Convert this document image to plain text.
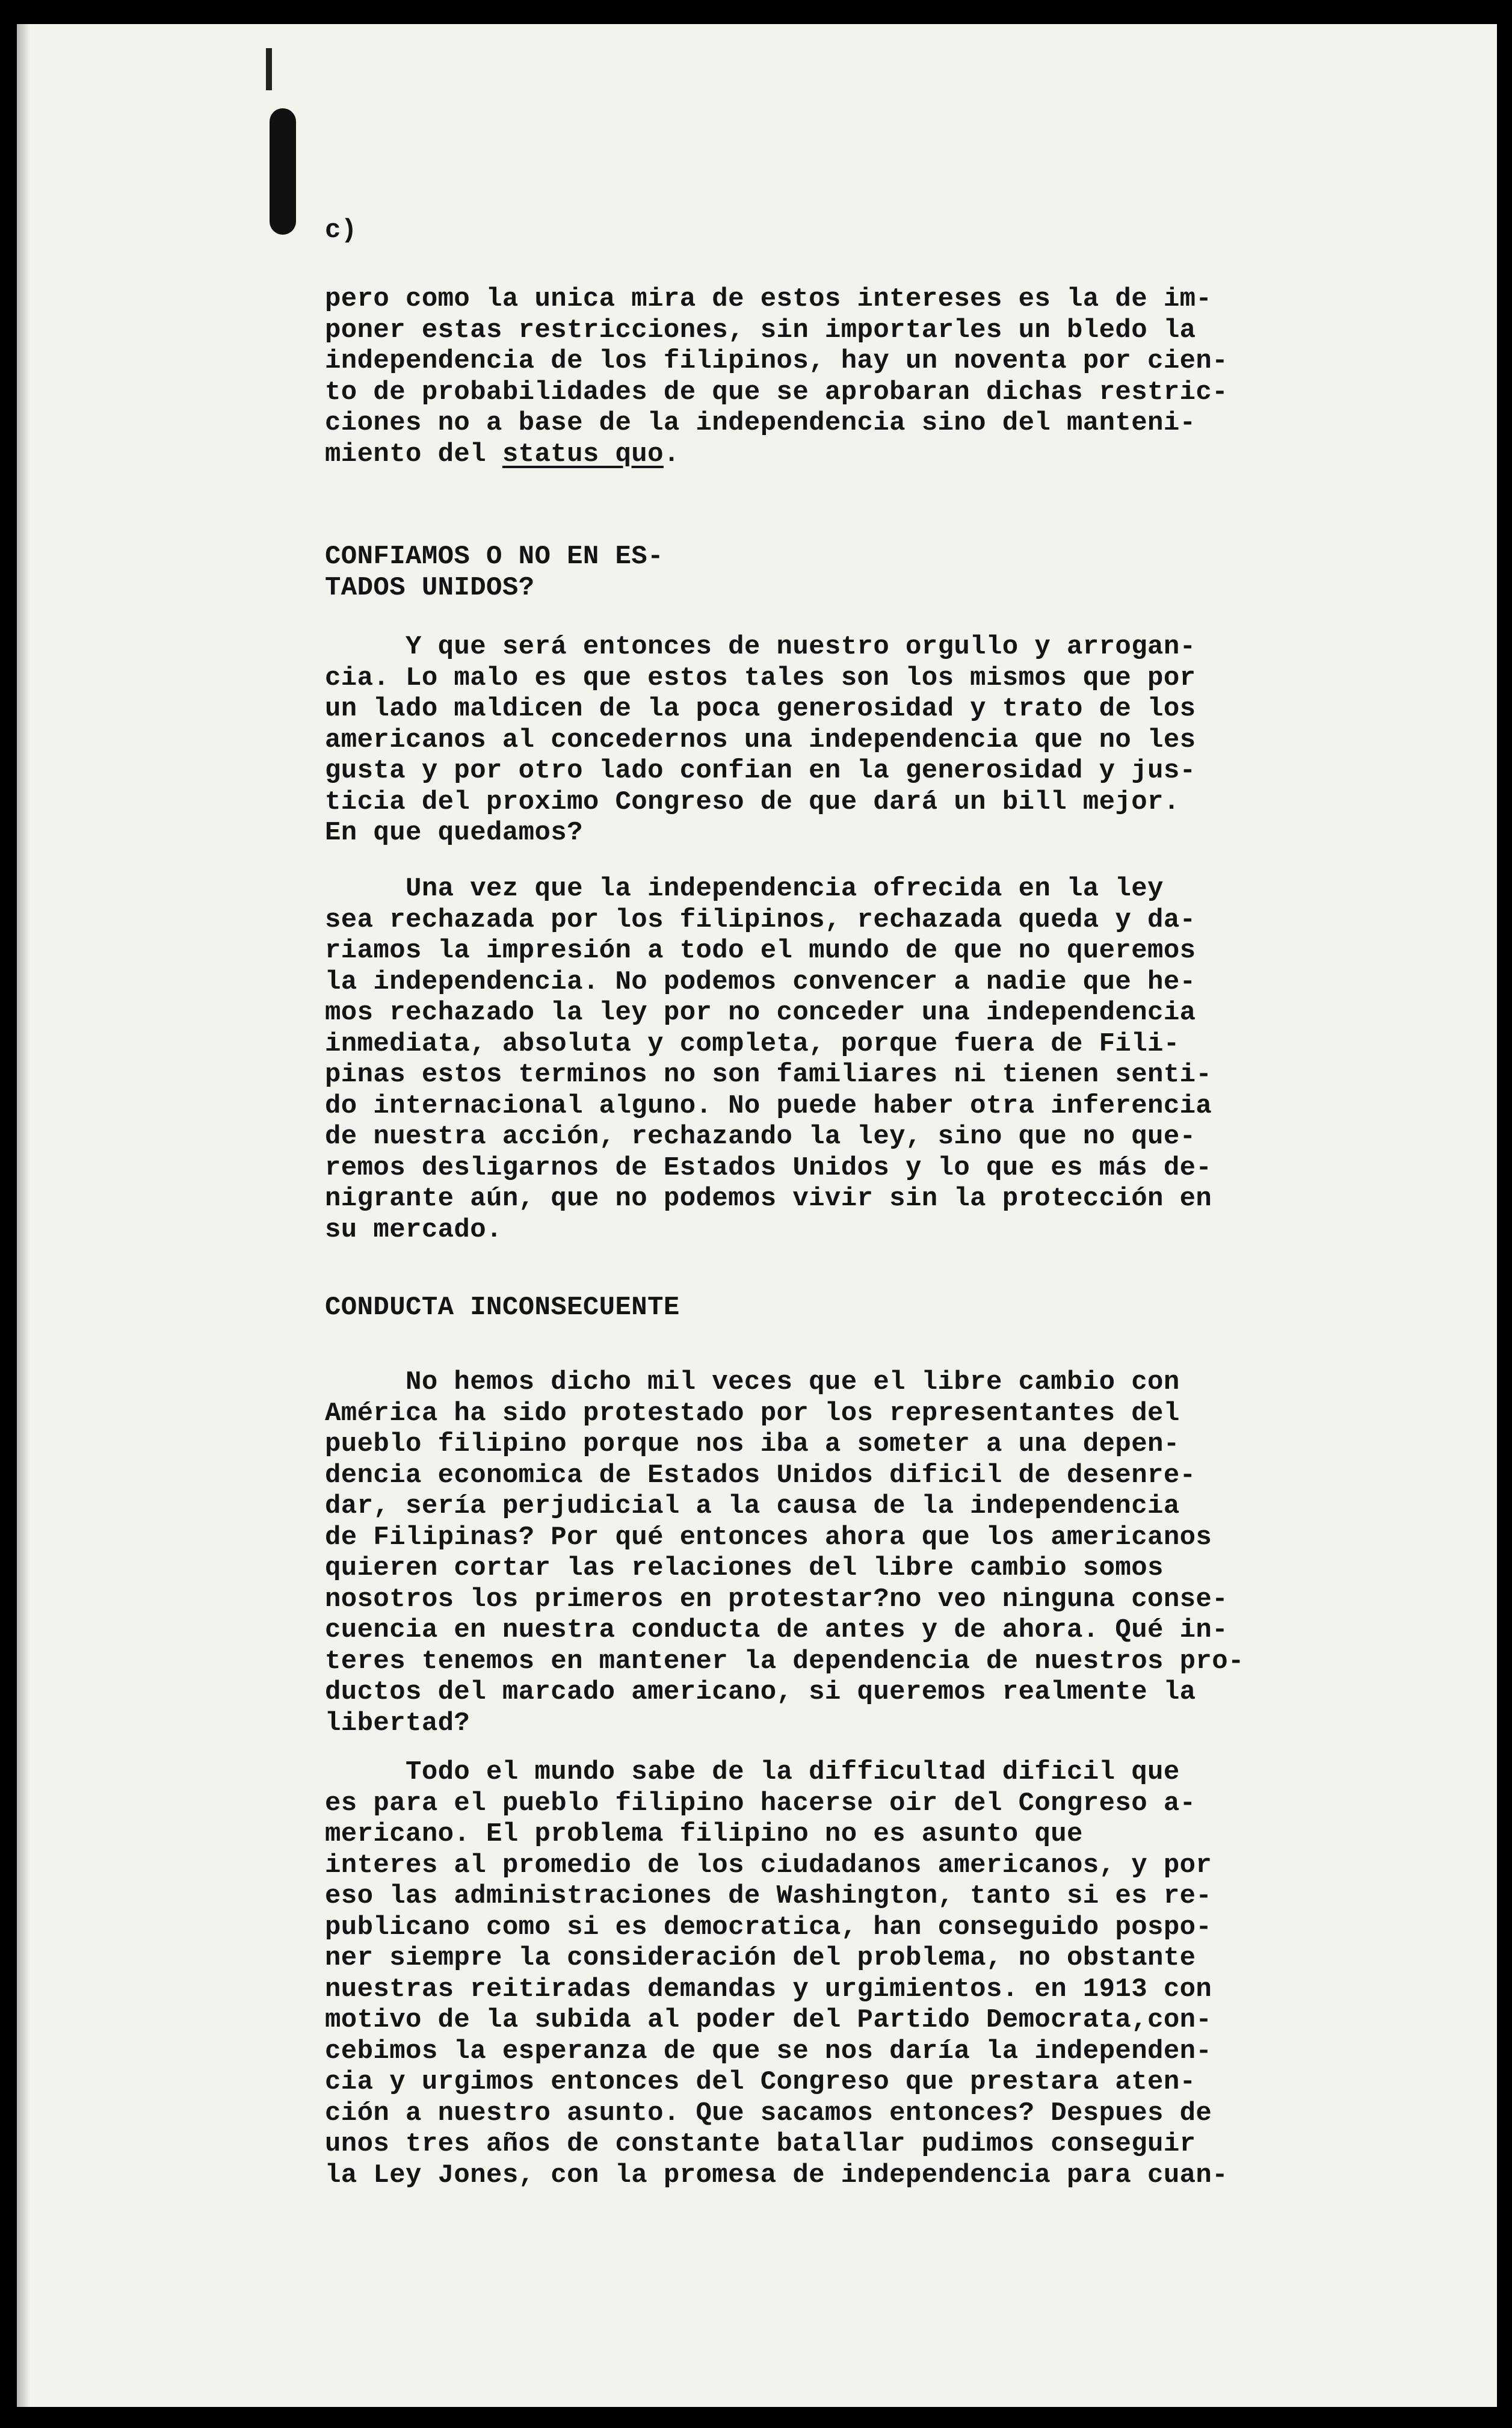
c)
pero como la unica mira de estos intereses es la de im-
poner estas restricciones, sin importarles un bledo la
independencia de los filipinos, hay un noventa por cien-
to de probabilidades de que se aprobaran dichas restric-
ciones no a base de la independencia sino del manteni-
miento del status quo.
CONFIAMOS O NO EN ES-
TADOS UNIDOS?
Y que será entonces de nuestro orgullo y arrogan-
cia. Lo malo es que estos tales son los mismos que por
un lado maldicen de la poca generosidad y trato de los
americanos al concedernos una independencia que no les
gusta y por otro lado confian en la generosidad y jus-
ticia del proximo Congreso de que dará un bill mejor.
En que quedamos?
Una vez que la independencia ofrecida en la ley
sea rechazada por los filipinos, rechazada queda y da-
riamos la impresión a todo el mundo de que no queremos
la independencia. No podemos convencer a nadie que he-
mos rechazado la ley por no conceder una independencia
inmediata, absoluta y completa, porque fuera de Fili-
pinas estos terminos no son familiares ni tienen senti-
do internacional alguno. No puede haber otra inferencia
de nuestra acción, rechazando la ley, sino que no que-
remos desligarnos de Estados Unidos y lo que es más de-
nigrante aún, que no podemos vivir sin la protección en
su mercado.
CONDUCTA INCONSECUENTE
No hemos dicho mil veces que el libre cambio con
América ha sido protestado por los representantes del
pueblo filipino porque nos iba a someter a una depen-
dencia economica de Estados Unidos dificil de desenre-
dar, sería perjudicial a la causa de la independencia
de Filipinas? Por qué entonces ahora que los americanos
quieren cortar las relaciones del libre cambio somos
nosotros los primeros en protestar?no veo ninguna conse-
cuencia en nuestra conducta de antes y de ahora. Qué in-
teres tenemos en mantener la dependencia de nuestros pro-
ductos del marcado americano, si queremos realmente la
libertad?
Todo el mundo sabe de la difficultad dificil que
es para el pueblo filipino hacerse oir del Congreso a-
mericano. El problema filipino no es asunto que
interes al promedio de los ciudadanos americanos, y por
eso las administraciones de Washington, tanto si es re-
publicano como si es democratica, han conseguido pospo-
ner siempre la consideración del problema, no obstante
nuestras reitiradas demandas y urgimientos. en 1913 con
motivo de la subida al poder del Partido Democrata,con-
cebimos la esperanza de que se nos daría la independen-
cia y urgimos entonces del Congreso que prestara aten-
ción a nuestro asunto. Que sacamos entonces? Despues de
unos tres años de constante batallar pudimos conseguir
la Ley Jones, con la promesa de independencia para cuan-
